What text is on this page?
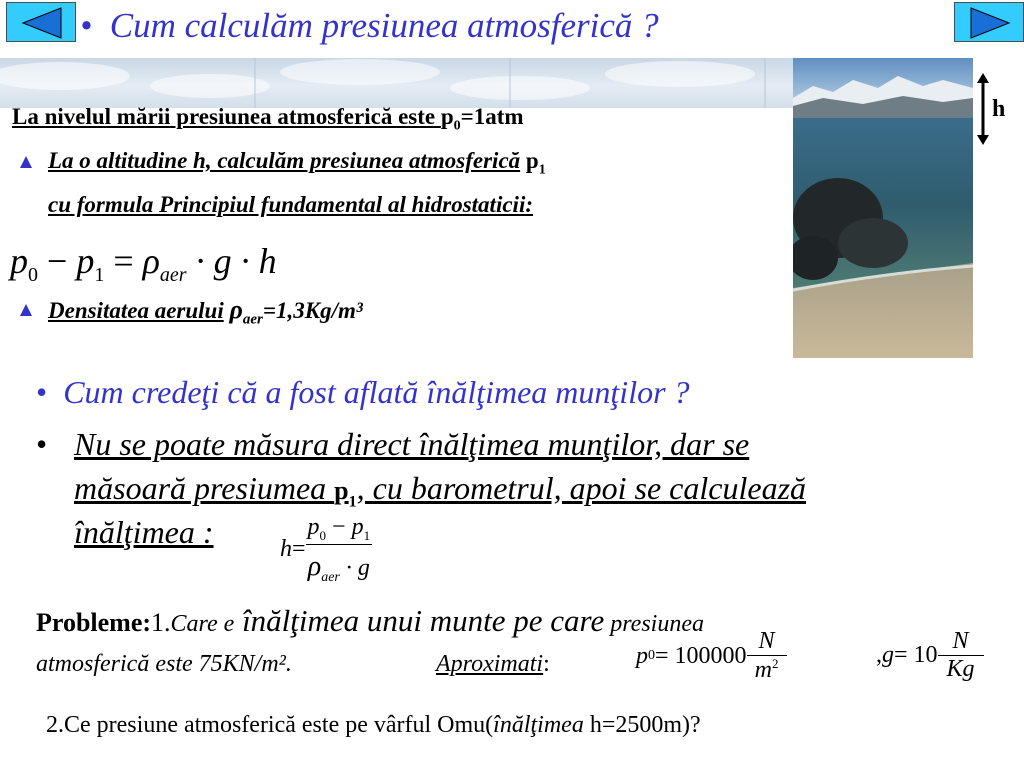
• Cum calculăm presiunea atmosferică ?
La nivelul mării presiunea atmosferică este $p_0=1atm$
La o altitudine h, calculăm presiunea atmosferică $p_1$
cu formula Principiul fundamental al hidrostaticii:
$p_0 - p_1 = \rho_{aer} \cdot g \cdot h$
Densitatea aerului $\rho_{aer}=1,3Kg/m^3$
h
• Cum credeţi că a fost aflată înălţimea munţilor ?
• Nu se poate măsura direct înălţimea munţilor, dar se
măsoară presiumea $p_1$, cu barometrul, apoi se calculează
înălţimea :	$h = \frac{p_0 - p_1}{\rho_{aer} \cdot g}$
Probleme:1.Care e înălţimea unui munte pe care presiunea
atmosferică este 75KN/m².	Aproximati:	p $0 = 100000 \frac{N}{m^2}$	, $g = 10 \frac{N}{Kg}$
2.Ce presiune atmosferică este pe vârful Omu(înălţimea h=2500m)?
